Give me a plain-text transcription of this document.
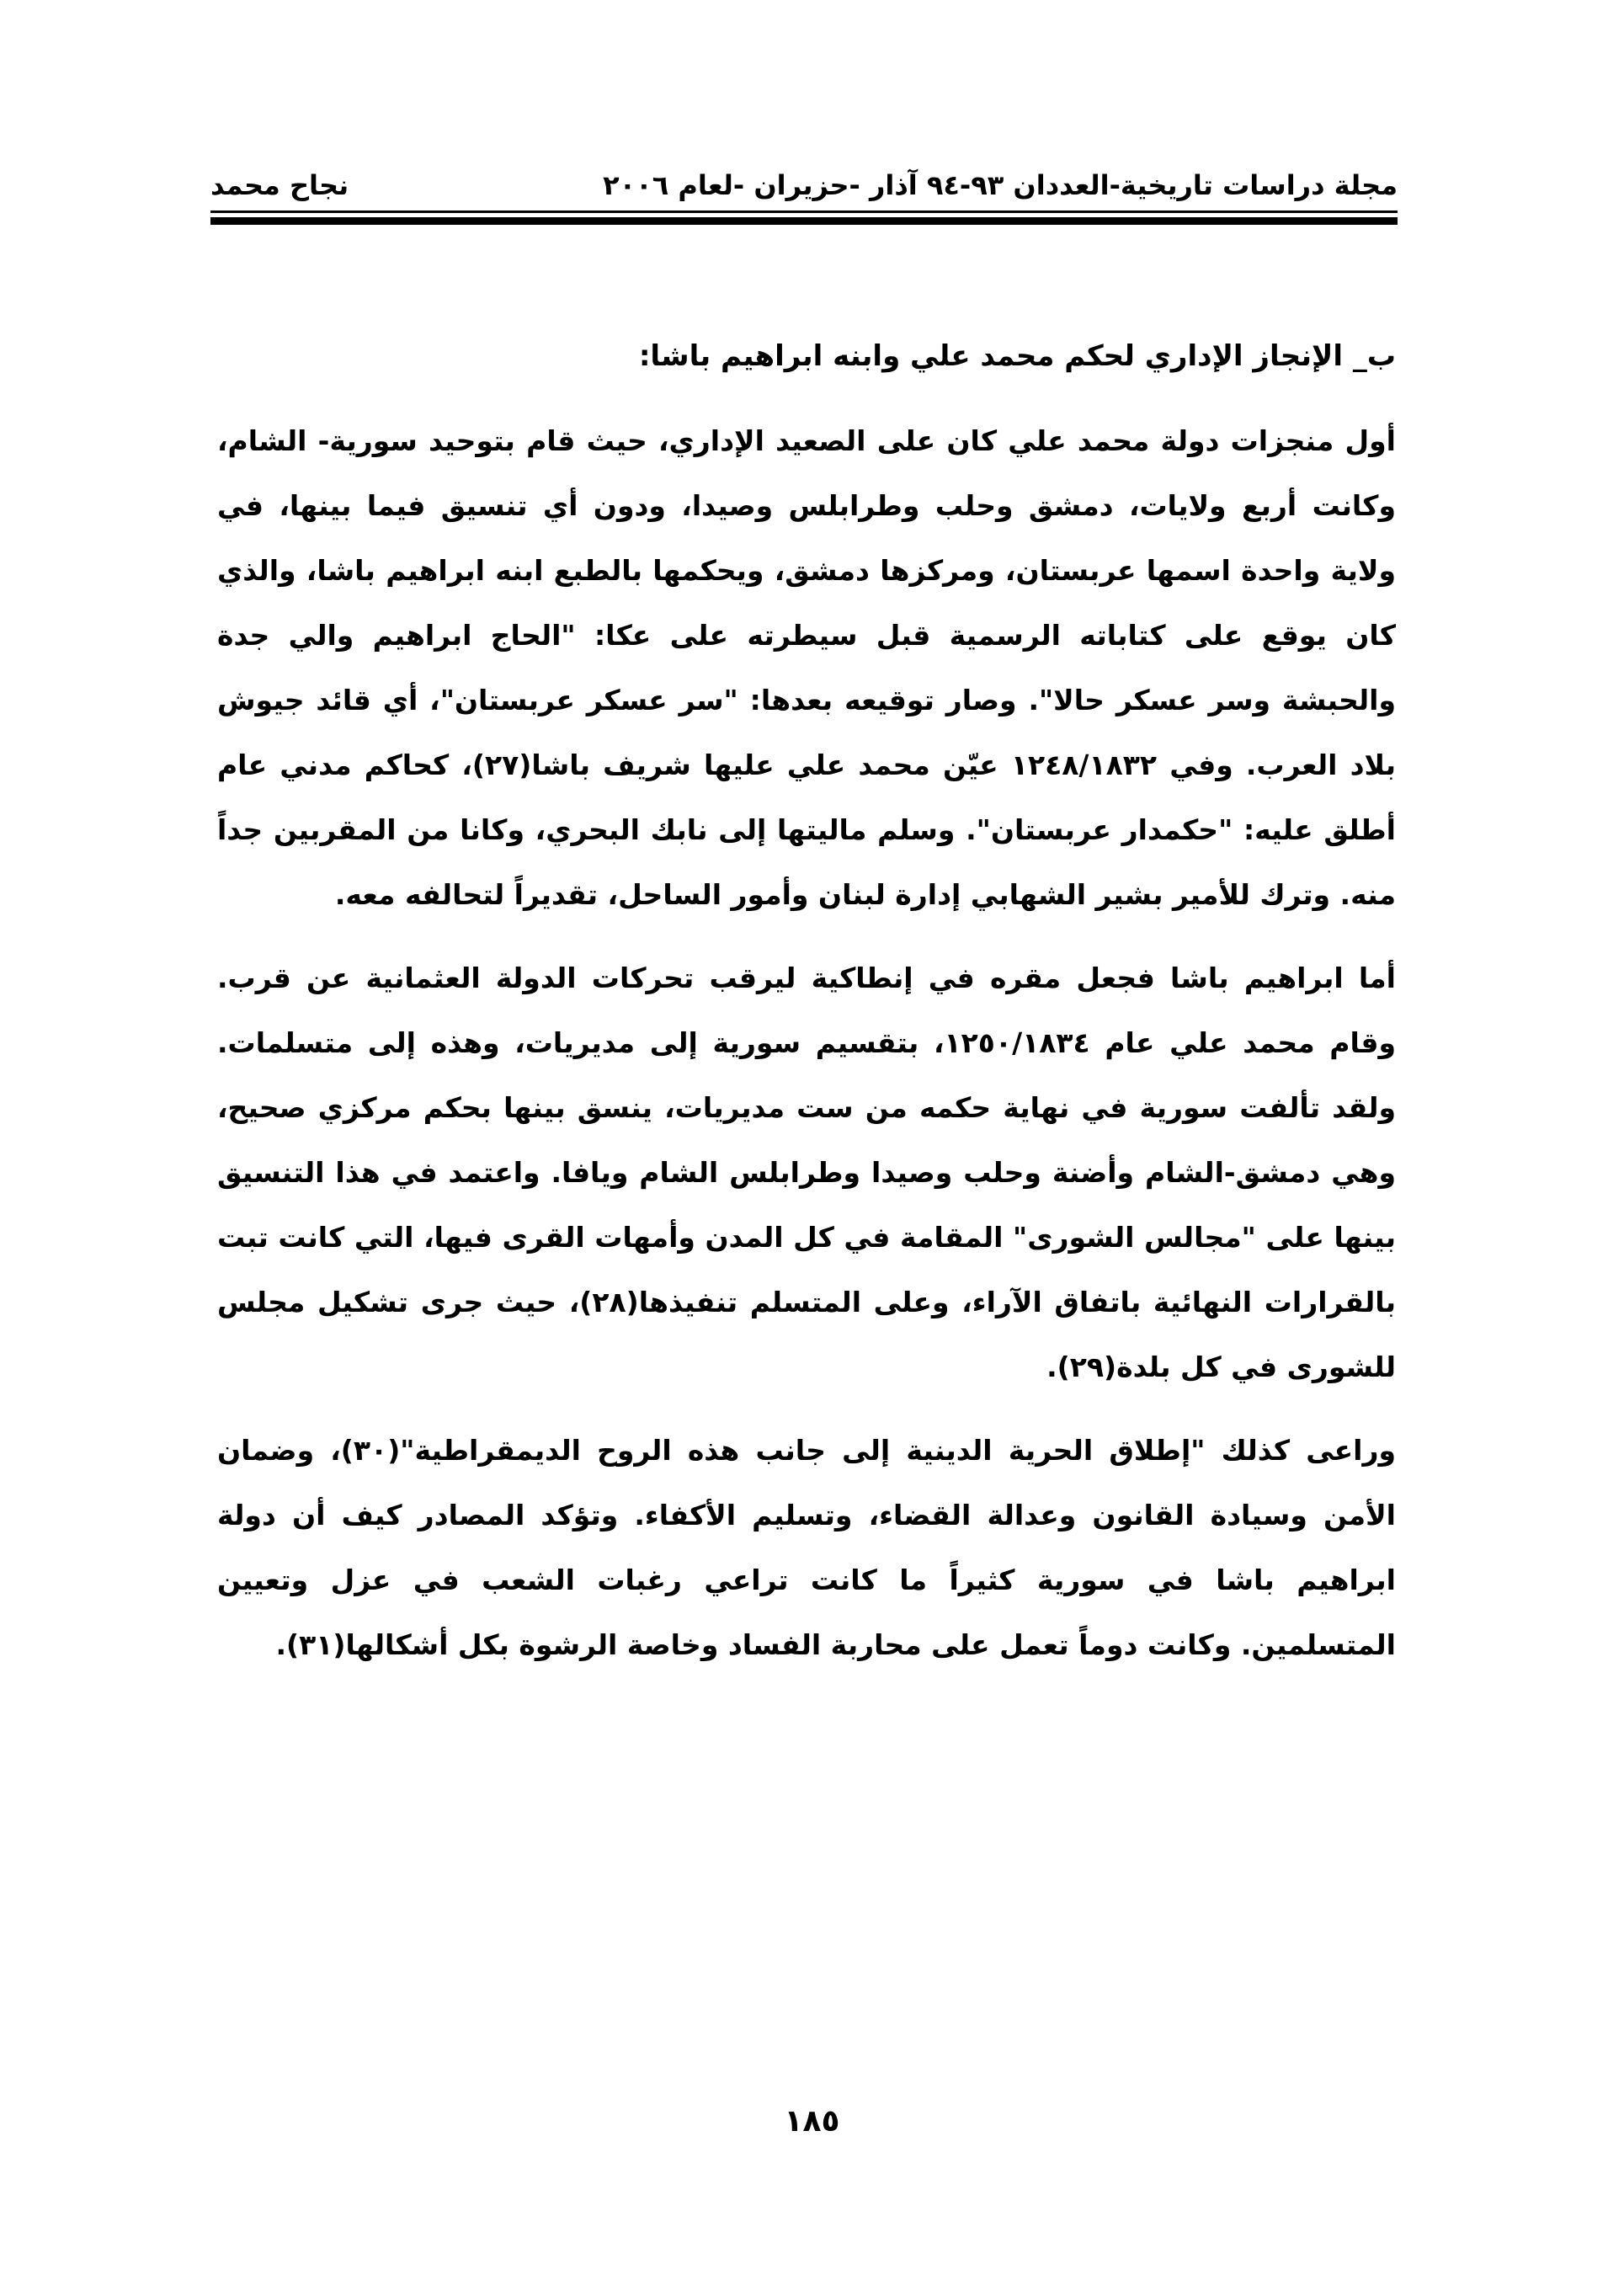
مجلة دراسات تاريخية-العددان ٩٣-٩٤ آذار -حزيران -لعام ٢٠٠٦
نجاح محمد
ب_ الإنجاز الإداري لحكم محمد علي وابنه ابراهيم باشا:

أول منجزات دولة محمد علي كان على الصعيد الإداري، حيث قام بتوحيد سورية- الشام، وكانت أربع ولايات، دمشق وحلب وطرابلس وصيدا، ودون أي تنسيق فيما بينها، في ولاية واحدة اسمها عربستان، ومركزها دمشق، ويحكمها بالطبع ابنه ابراهيم باشا، والذي كان يوقع على كتاباته الرسمية قبل سيطرته على عكا: "الحاج ابراهيم والي جدة والحبشة وسر عسكر حالا". وصار توقيعه بعدها: "سر عسكر عربستان"، أي قائد جيوش بلاد العرب. وفي ١٢٤٨/١٨٣٢ عيّن محمد علي عليها شريف باشا(٢٧)، كحاكم مدني عام أطلق عليه: "حكمدار عربستان". وسلم ماليتها إلى نابك البحري، وكانا من المقربين جداً منه. وترك للأمير بشير الشهابي إدارة لبنان وأمور الساحل، تقديراً لتحالفه معه.

أما ابراهيم باشا فجعل مقره في إنطاكية ليرقب تحركات الدولة العثمانية عن قرب. وقام محمد علي عام ١٢٥٠/١٨٣٤، بتقسيم سورية إلى مديريات، وهذه إلى متسلمات. ولقد تألفت سورية في نهاية حكمه من ست مديريات، ينسق بينها بحكم مركزي صحيح، وهي دمشق-الشام وأضنة وحلب وصيدا وطرابلس الشام ويافا. واعتمد في هذا التنسيق بينها على "مجالس الشورى" المقامة في كل المدن وأمهات القرى فيها، التي كانت تبت بالقرارات النهائية باتفاق الآراء، وعلى المتسلم تنفيذها(٢٨)، حيث جرى تشكيل مجلس للشورى في كل بلدة(٢٩).

وراعى كذلك "إطلاق الحرية الدينية إلى جانب هذه الروح الديمقراطية"(٣٠)، وضمان الأمن وسيادة القانون وعدالة القضاء، وتسليم الأكفاء. وتؤكد المصادر كيف أن دولة ابراهيم باشا في سورية كثيراً ما كانت تراعي رغبات الشعب في عزل وتعيين المتسلمين. وكانت دوماً تعمل على محاربة الفساد وخاصة الرشوة بكل أشكالها(٣١).

١٨٥
